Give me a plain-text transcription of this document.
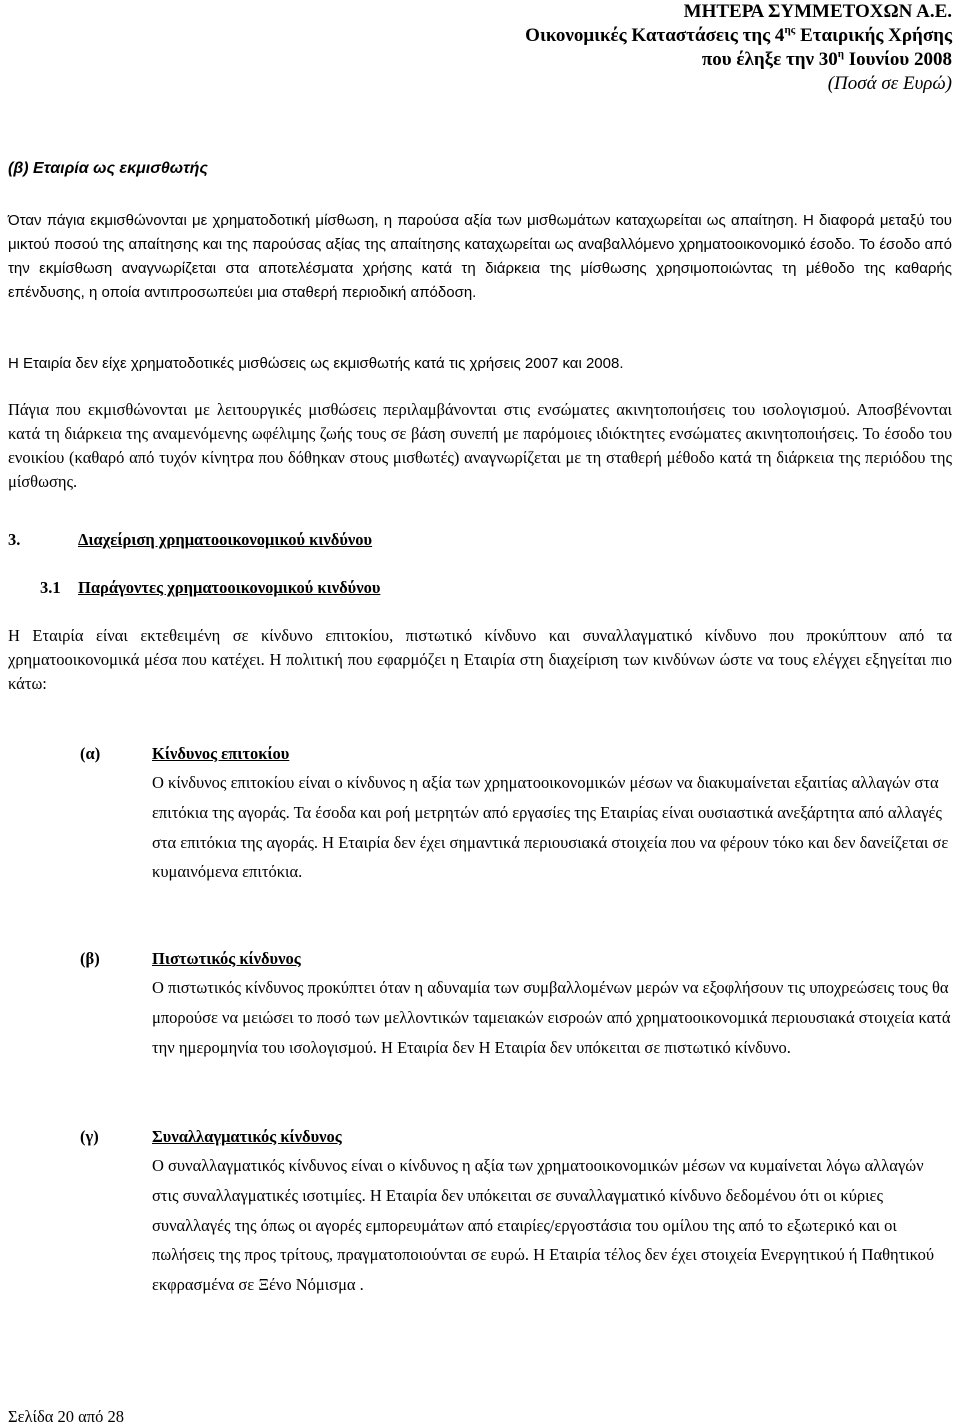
ΜΗΤΕΡΑ ΣΥΜΜΕΤΟΧΩΝ Α.Ε.
Οικονομικές Καταστάσεις της $4^{\eta\varsigma}$ Εταιρικής Χρήσης
που έληξε την $30^\eta$ Ιουνίου 2008
(Ποσά σε Ευρώ)
(β) Εταιρία ως εκμισθωτής

Όταν πάγια εκμισθώνονται με χρηματοδοτική μίσθωση, η παρούσα αξία των μισθωμάτων καταχωρείται ως απαίτηση. Η διαφορά μεταξύ του μικτού ποσού της απαίτησης και της παρούσας αξίας της απαίτησης καταχωρείται ως αναβαλλόμενο χρηματοοικονομικό έσοδο. Το έσοδο από την εκμίσθωση αναγνωρίζεται στα αποτελέσματα χρήσης κατά τη διάρκεια της μίσθωσης χρησιμοποιώντας τη μέθοδο της καθαρής επένδυσης, η οποία αντιπροσωπεύει μια σταθερή περιοδική απόδοση.

Η Εταιρία δεν είχε χρηματοδοτικές μισθώσεις ως εκμισθωτής κατά τις χρήσεις 2007 και 2008.

Πάγια που εκμισθώνονται με λειτουργικές μισθώσεις περιλαμβάνονται στις ενσώματες ακινητοποιήσεις του ισολογισμού. Αποσβένονται κατά τη διάρκεια της αναμενόμενης ωφέλιμης ζωής τους σε βάση συνεπή με παρόμοιες ιδιόκτητες ενσώματες ακινητοποιήσεις. Το έσοδο του ενοικίου (καθαρό από τυχόν κίνητρα που δόθηκαν στους μισθωτές) αναγνωρίζεται με τη σταθερή μέθοδο κατά τη διάρκεια της περιόδου της μίσθωσης.

3.	Διαχείριση χρηματοοικονομικού κινδύνου
3.1 Παράγοντες χρηματοοικονομικού κινδύνου

Η Εταιρία είναι εκτεθειμένη σε κίνδυνο επιτοκίου, πιστωτικό κίνδυνο και συναλλαγματικό κίνδυνο που προκύπτουν από τα χρηματοοικονομικά μέσα που κατέχει. Η πολιτική που εφαρμόζει η Εταιρία στη διαχείριση των κινδύνων ώστε να τους ελέγχει εξηγείται πιο κάτω:

(α)	Κίνδυνος επιτοκίου

Ο κίνδυνος επιτοκίου είναι ο κίνδυνος η αξία των χρηματοοικονομικών μέσων να διακυμαίνεται εξαιτίας αλλαγών στα επιτόκια της αγοράς. Τα έσοδα και ροή μετρητών από εργασίες της Εταιρίας είναι ουσιαστικά ανεξάρτητα από αλλαγές στα επιτόκια της αγοράς. Η Εταιρία δεν έχει σημαντικά περιουσιακά στοιχεία που να φέρουν τόκο και δεν δανείζεται σε κυμαινόμενα επιτόκια.

(β)	Πιστωτικός κίνδυνος

Ο πιστωτικός κίνδυνος προκύπτει όταν η αδυναμία των συμβαλλομένων μερών να εξοφλήσουν τις υποχρεώσεις τους θα μπορούσε να μειώσει το ποσό των μελλοντικών ταμειακών εισροών από χρηματοοικονομικά περιουσιακά στοιχεία κατά την ημερομηνία του ισολογισμού. Η Εταιρία δεν Η Εταιρία δεν υπόκειται σε πιστωτικό κίνδυνο.

(γ)	Συναλλαγματικός κίνδυνος

Ο συναλλαγματικός κίνδυνος είναι ο κίνδυνος η αξία των χρηματοοικονομικών μέσων να κυμαίνεται λόγω αλλαγών στις συναλλαγματικές ισοτιμίες. Η Εταιρία δεν υπόκειται σε συναλλαγματικό κίνδυνο δεδομένου ότι οι κύριες συναλλαγές της όπως οι αγορές εμπορευμάτων από εταιρίες/εργοστάσια του ομίλου της από το εξωτερικό και οι πωλήσεις της προς τρίτους, πραγματοποιούνται σε ευρώ. Η Εταιρία τέλος δεν έχει στοιχεία Ενεργητικού ή Παθητικού εκφρασμένα σε Ξένο Νόμισμα .

Σελίδα 20 από 28
